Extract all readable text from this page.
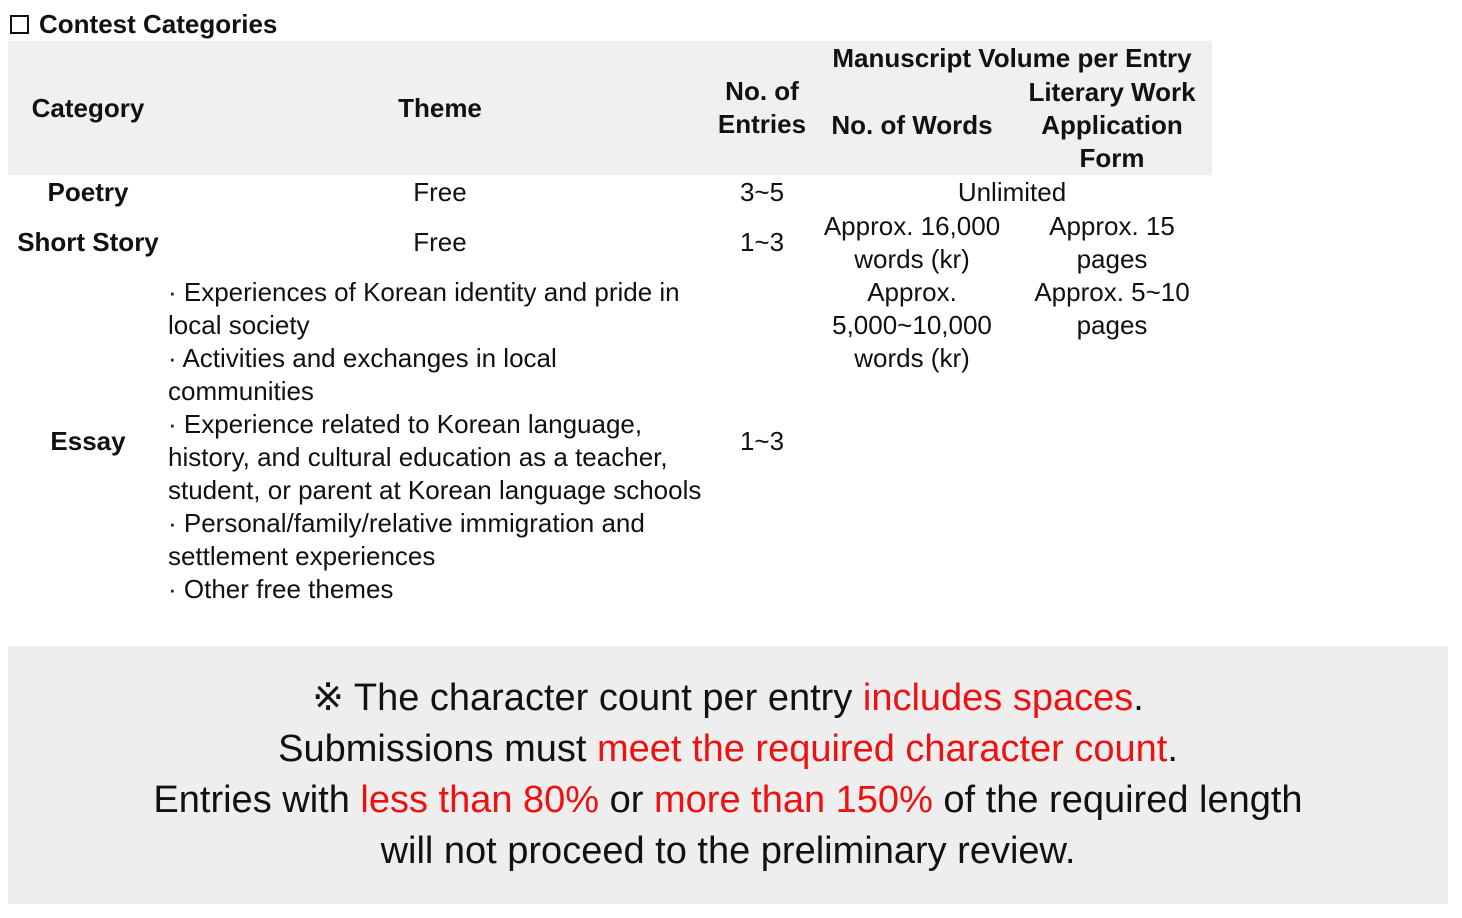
Contest Categories
Category	Theme	No. of Entries	Manuscript Volume per Entry	
			No. of Words	Literary Work Application Form
Poetry	Free	3~5	Unlimited	
Short Story	Free	1~3	Approx. 16,000 words (kr)	Approx. 15 pages
Essay	· Experiences of Korean identity and pride in local society
· Activities and exchanges in local communities
· Experience related to Korean language, history, and cultural education as a teacher, student, or parent at Korean language schools
· Personal/family/relative immigration and settlement experiences
· Other free themes	1~3	Approx. 5,000~10,000 words (kr)	Approx. 5~10 pages
※ The character count per entry includes spaces.
Submissions must meet the required character count.
Entries with less than 80% or more than 150% of the required length
will not proceed to the preliminary review.
